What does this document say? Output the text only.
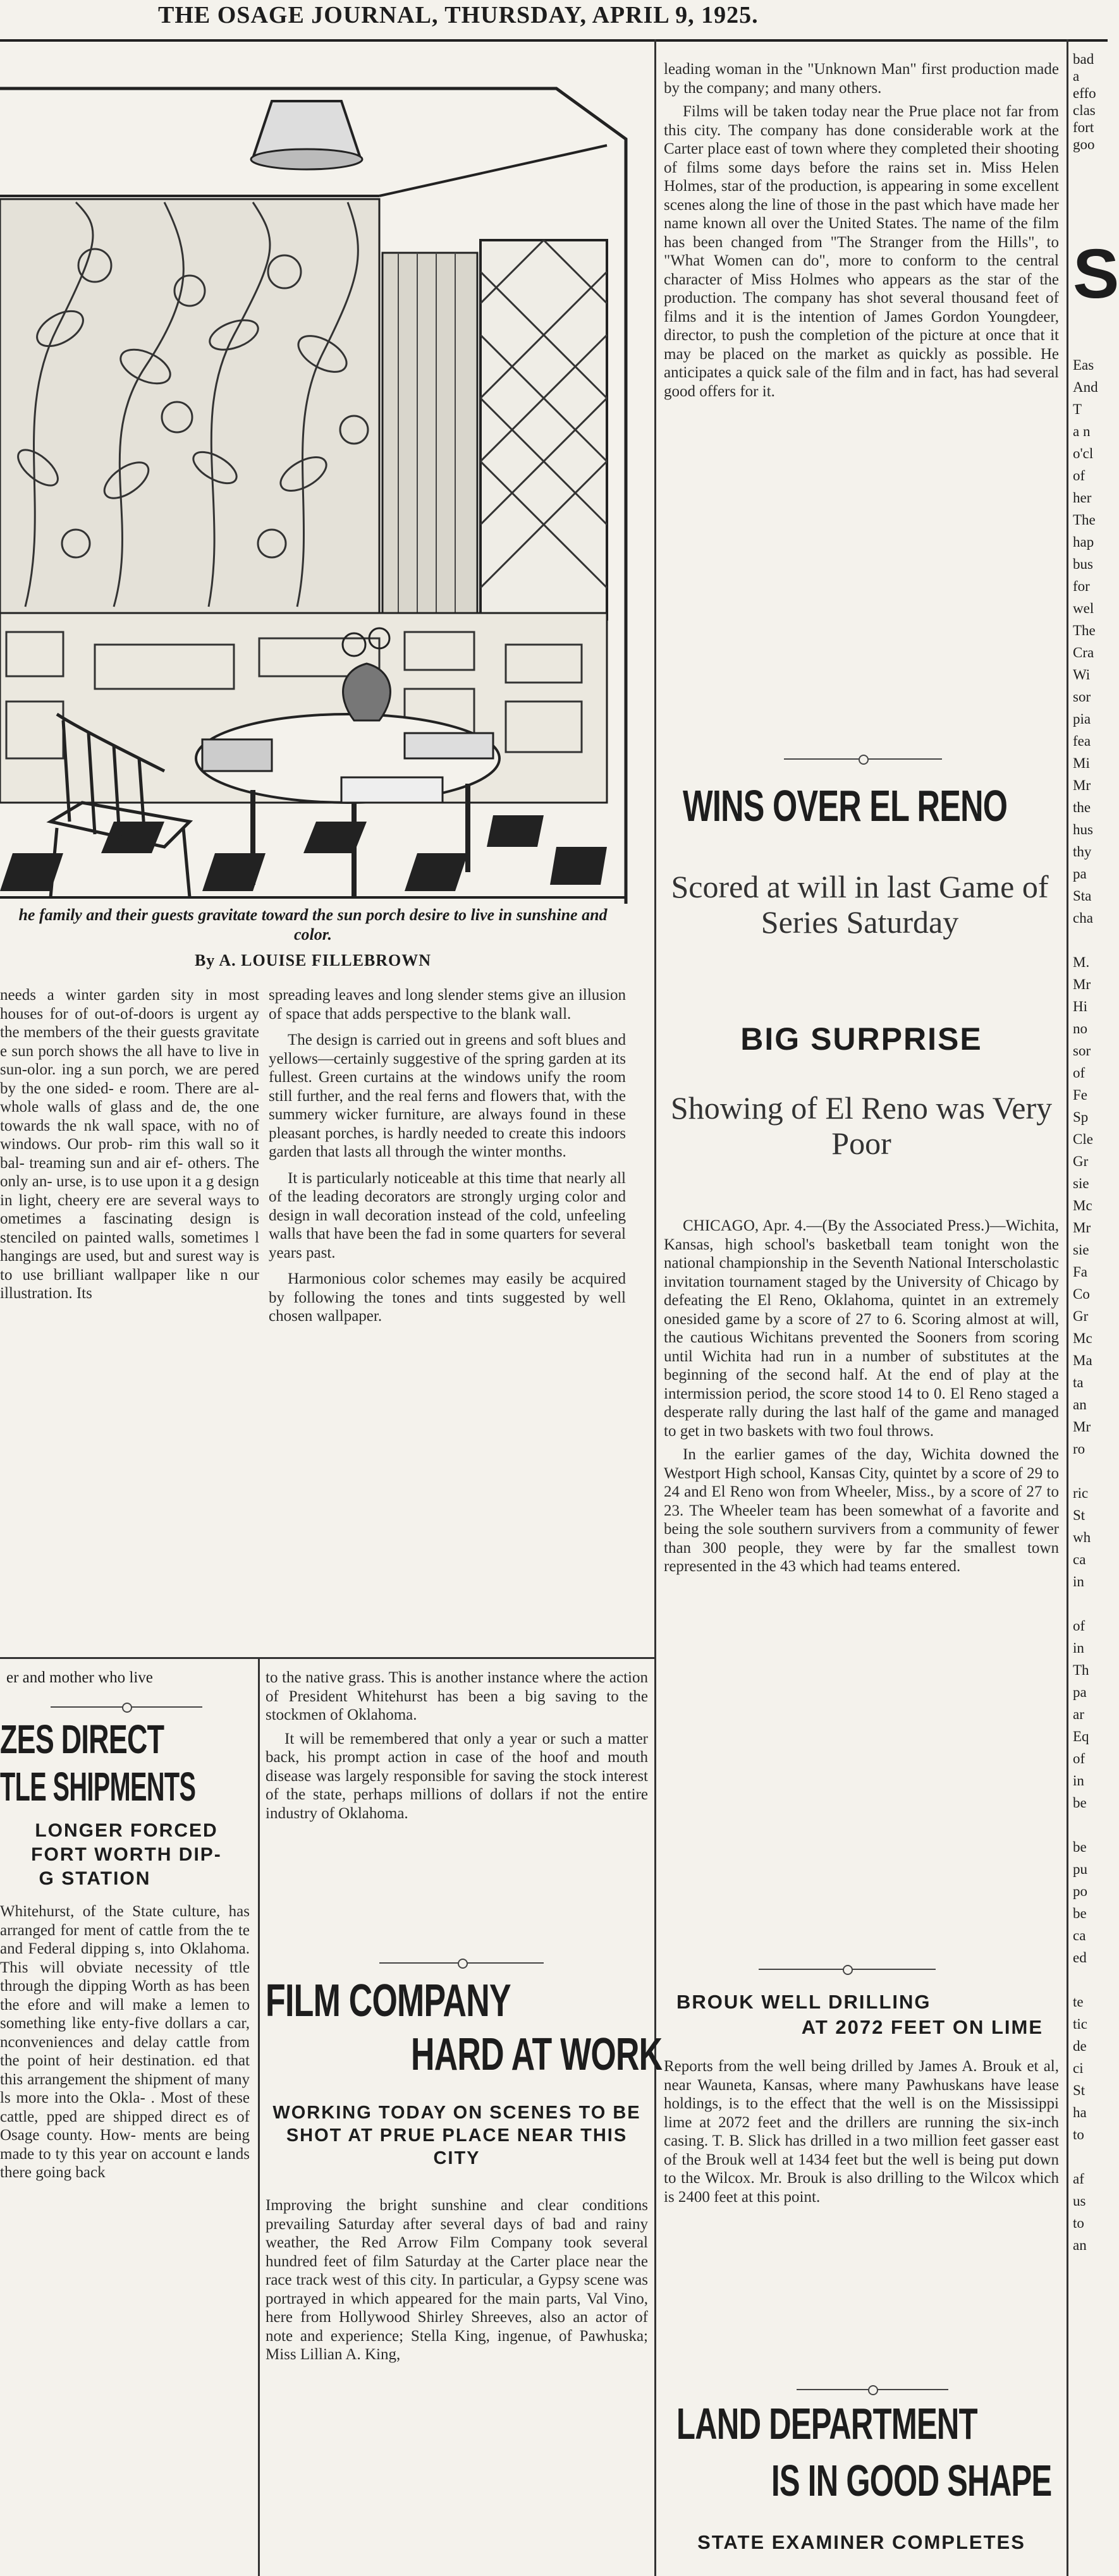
THE OSAGE JOURNAL, THURSDAY, APRIL 9, 1925.
he family and their guests gravitate toward the sun porch desire to live in sunshine and color.
By A. LOUISE FILLEBROWN
needs a winter garden sity in most houses for of out-of-doors is urgent ay the members of the their guests gravitate e sun porch shows the all have to live in sun-olor. ing a sun porch, we are pered by the one sided- e room. There are al- whole walls of glass and de, the one towards the nk wall space, with no of windows. Our prob- rim this wall so it bal- treaming sun and air ef- others. The only an- urse, is to use upon it a g design in light, cheery ere are several ways to ometimes a fascinating design is stenciled on painted walls, sometimes l hangings are used, but and surest way is to use brilliant wallpaper like n our illustration. Its

spreading leaves and long slender stems give an illusion of space that adds perspective to the blank wall.

The design is carried out in greens and soft blues and yellows—certainly suggestive of the spring garden at its fullest. Green curtains at the windows unify the room still further, and the real ferns and flowers that, with the summery wicker furniture, are always found in these pleasant porches, is hardly needed to create this indoors garden that lasts all through the winter months.

It is particularly noticeable at this time that nearly all of the leading decorators are strongly urging color and design in wall decoration instead of the cold, unfeeling walls that have been the fad in some quarters for several years past.

Harmonious color schemes may easily be acquired by following the tones and tints suggested by well chosen wallpaper.

er and mother who live
ZES DIRECT
TLE SHIPMENTS
LONGER FORCED
FORT WORTH DIP-
G STATION
Whitehurst, of the State culture, has arranged for ment of cattle from the te and Federal dipping s, into Oklahoma. This will obviate necessity of ttle through the dipping Worth as has been the efore and will make a lemen to something like enty-five dollars a car, nconveniences and delay cattle from the point of heir destination. ed that this arrangement the shipment of many ls more into the Okla- . Most of these cattle, pped are shipped direct es of Osage county. How- ments are being made to ty this year on account e lands there going back

to the native grass. This is another instance where the action of President Whitehurst has been a big saving to the stockmen of Oklahoma.

It will be remembered that only a year or such a matter back, his prompt action in case of the hoof and mouth disease was largely responsible for saving the stock interest of the state, perhaps millions of dollars if not the entire industry of Oklahoma.

FILM COMPANY
HARD AT WORK
WORKING TODAY ON SCENES TO BE SHOT AT PRUE PLACE NEAR THIS CITY
Improving the bright sunshine and clear conditions prevailing Saturday after several days of bad and rainy weather, the Red Arrow Film Company took several hundred feet of film Saturday at the Carter place near the race track west of this city. In particular, a Gypsy scene was portrayed in which appeared for the main parts, Val Vino, here from Hollywood Shirley Shreeves, also an actor of note and experience; Stella King, ingenue, of Pawhuska; Miss Lillian A. King,

leading woman in the "Unknown Man" first production made by the company; and many others.

Films will be taken today near the Prue place not far from this city. The company has done considerable work at the Carter place east of town where they completed their shooting of films some days before the rains set in. Miss Helen Holmes, star of the production, is appearing in some excellent scenes along the line of those in the past which have made her name known all over the United States. The name of the film has been changed from "The Stranger from the Hills", to "What Women can do", more to conform to the central character of Miss Holmes who appears as the star of the production. The company has shot several thousand feet of films and it is the intention of James Gordon Youngdeer, director, to push the completion of the picture at once that it may be placed on the market as quickly as possible. He anticipates a quick sale of the film and in fact, has had several good offers for it.

WINS OVER EL RENO
Scored at will in last Game of Series Saturday
BIG SURPRISE
Showing of El Reno was Very Poor

CHICAGO, Apr. 4.—(By the Associated Press.)—Wichita, Kansas, high school's basketball team tonight won the national championship in the Seventh National Interscholastic invitation tournament staged by the University of Chicago by defeating the El Reno, Oklahoma, quintet in an extremely onesided game by a score of 27 to 6. Scoring almost at will, the cautious Wichitans prevented the Sooners from scoring until Wichita had run in a number of substitutes at the beginning of the second half. At the end of play at the intermission period, the score stood 14 to 0. El Reno staged a desperate rally during the last half of the game and managed to get in two baskets with two foul throws.

In the earlier games of the day, Wichita downed the Westport High school, Kansas City, quintet by a score of 29 to 24 and El Reno won from Wheeler, Miss., by a score of 27 to 23. The Wheeler team has been somewhat of a favorite and being the sole southern survivers from a community of fewer than 300 people, they were by far the smallest town represented in the 43 which had teams entered.

BROUK WELL DRILLING
AT 2072 FEET ON LIME
Reports from the well being drilled by James A. Brouk et al, near Wauneta, Kansas, where many Pawhuskans have lease holdings, is to the effect that the well is on the Mississippi lime at 2072 feet and the drillers are running the six-inch casing. T. B. Slick has drilled in a two million feet gasser east of the Brouk well at 1434 feet but the well is being put down to the Wilcox. Mr. Brouk is also drilling to the Wilcox which is 2400 feet at this point.
LAND DEPARTMENT
IS IN GOOD SHAPE
STATE EXAMINER COMPLETES
bad
a
effo
clas
fort
goo
S
Eas
And
T
a n
o'cl
of
her
The
hap
bus
for
wel
The
Cra
Wi
sor
pia
fea
Mi
Mr
the
hus
thy
pa
Sta
cha

M.
Mr
Hi
no
sor
of
Fe
Sp
Cle
Gr
sie
Mc
Mr
sie
Fa
Co
Gr
Mc
Ma
ta
an
Mr
ro

ric
St
wh
ca
in

of
in
Th
pa
ar
Eq
of
in
be

be
pu
po
be
ca
ed

te
tic
de
ci
St
ha
to

af
us
to
an
